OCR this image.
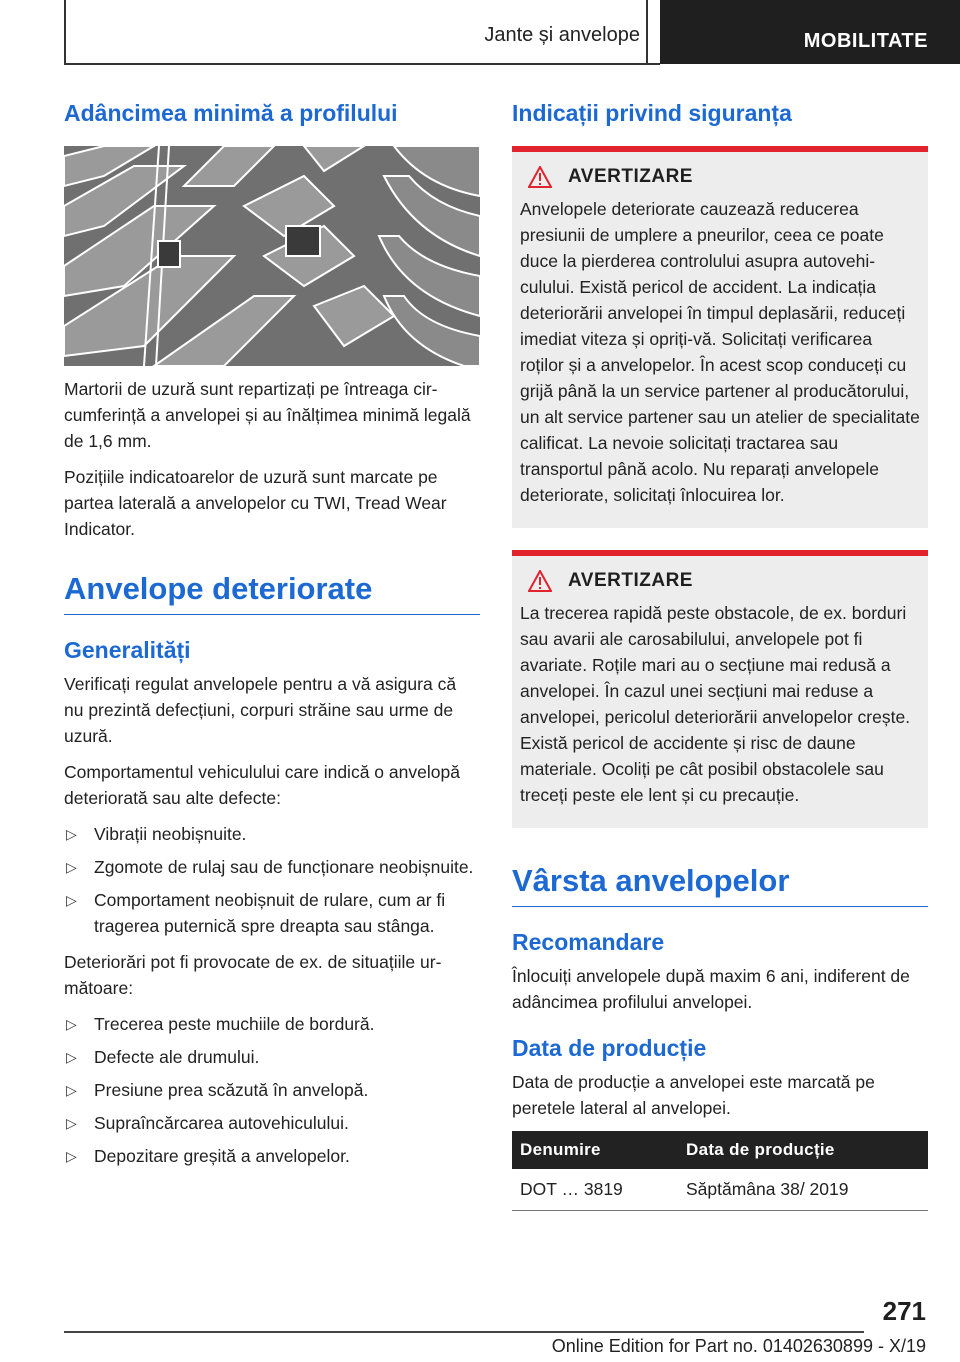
Jante și anvelope	MOBILITATE
Adâncimea minimă a profilului

Martorii de uzură sunt repartizați pe întreaga circumferință a anvelopei și au înălțimea minimă legală de 1,6 mm.

Pozițiile indicatoarelor de uzură sunt marcate pe partea laterală a anvelopelor cu TWI, Tread Wear Indicator.

Anvelope deteriorate
Generalități

Verificați regulat anvelopele pentru a vă asigura că nu prezintă defecțiuni, corpuri străine sau urme de uzură.

Comportamentul vehiculului care indică o anvelopă deteriorată sau alte defecte:

▷ Vibrații neobișnuite.
▷ Zgomote de rulaj sau de funcționare neobișnuite.
▷ Comportament neobișnuit de rulare, cum ar fi tragerea puternică spre dreapta sau stânga.

Deteriorări pot fi provocate de ex. de situațiile următoare:

▷ Trecerea peste muchiile de bordură.
▷ Defecte ale drumului.
▷ Presiune prea scăzută în anvelopă.
▷ Supraîncărcarea autovehiculului.
▷ Depozitare greșită a anvelopelor.
Indicații privind siguranța
AVERTIZARE

Anvelopele deteriorate cauzează reducerea presiunii de umplere a pneurilor, ceea ce poate duce la pierderea controlului asupra autovehiculului. Există pericol de accident. La indicația deteriorării anvelopei în timpul deplasării, reduceți imediat viteza și opriți-vă. Solicitați verificarea roților și a anvelopelor. În acest scop conduceți cu grijă până la un service partener al producătorului, un alt service partener sau un atelier de specialitate calificat. La nevoie solicitați tractarea sau transportul până acolo. Nu reparați anvelopele deteriorate, solicitați înlocuirea lor.

AVERTIZARE

La trecerea rapidă peste obstacole, de ex. borduri sau avarii ale carosabilului, anvelopele pot fi avariate. Roțile mari au o secțiune mai redusă a anvelopei. În cazul unei secțiuni mai reduse a anvelopei, pericolul deteriorării anvelopelor crește. Există pericol de accidente și risc de daune materiale. Ocoliți pe cât posibil obstacolele sau treceți peste ele lent și cu precauție.

Vârsta anvelopelor
Recomandare

Înlocuiți anvelopele după maxim 6 ani, indiferent de adâncimea profilului anvelopei.

Data de producție

Data de producție a anvelopei este marcată pe peretele lateral al anvelopei.

Denumire	Data de producție
DOT … 3819	Săptămâna 38/ 2019
271
Online Edition for Part no. 01402630899 - X/19
